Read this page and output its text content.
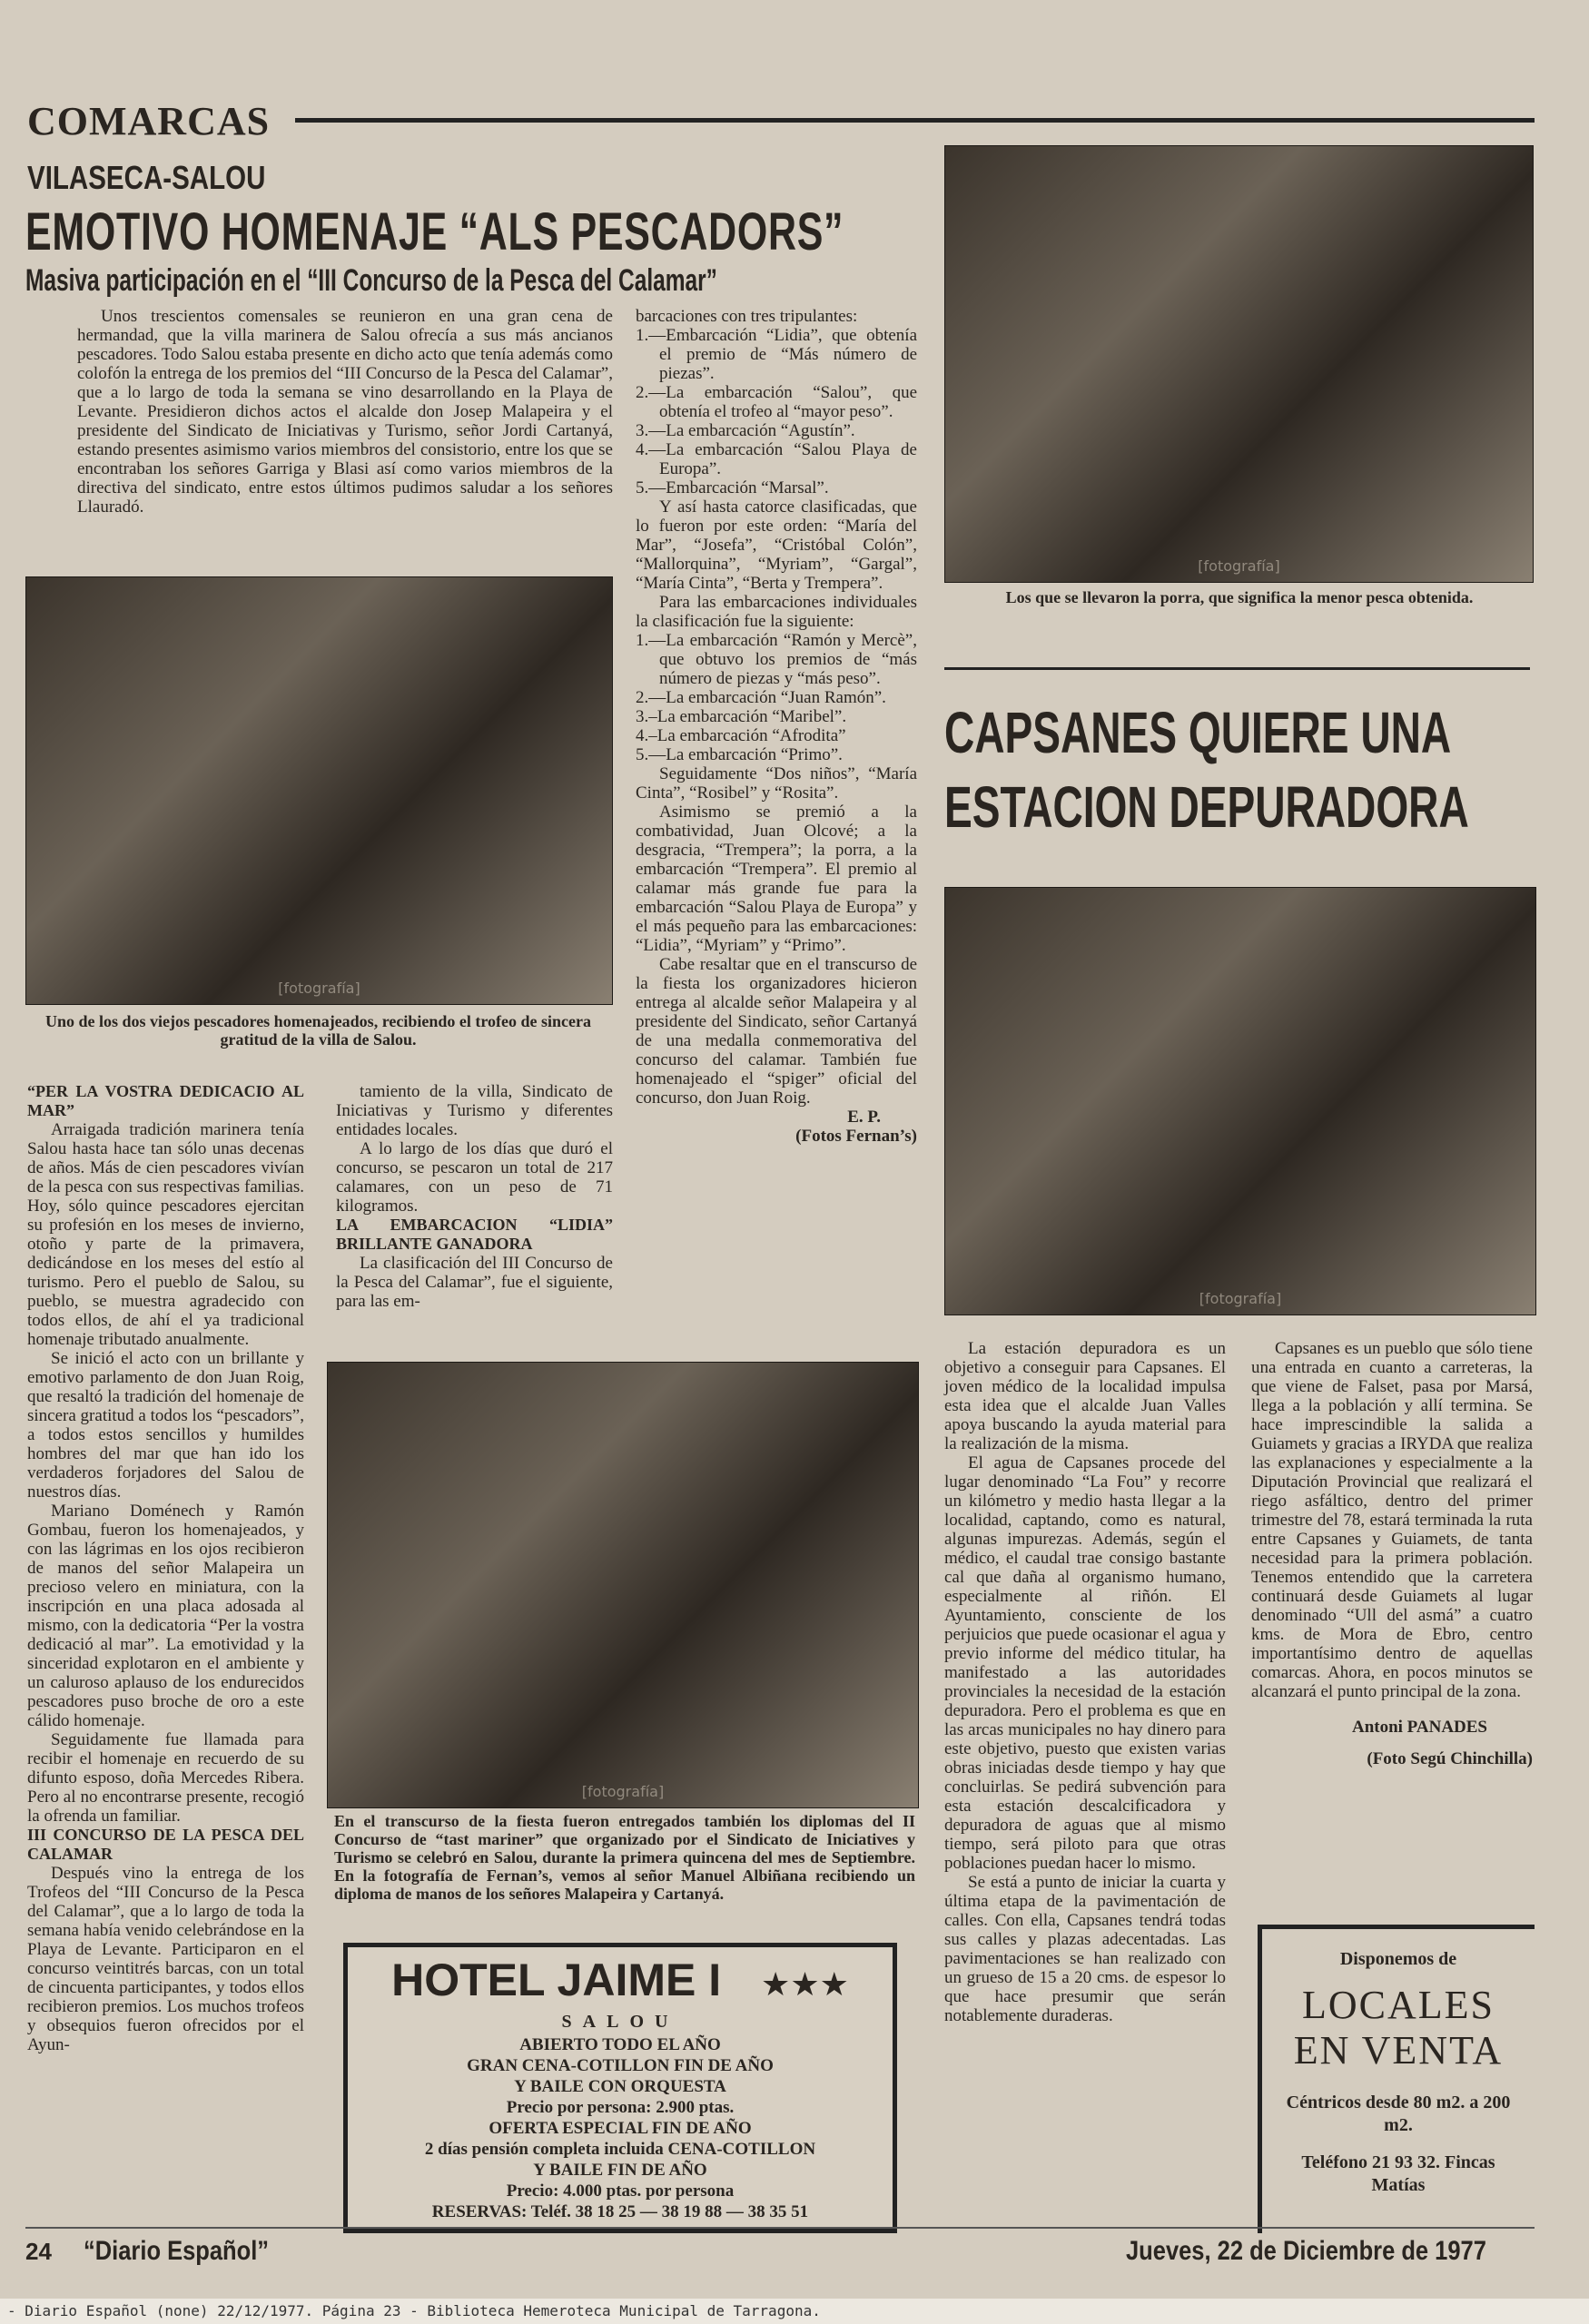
COMARCAS
VILASECA-SALOU
EMOTIVO HOMENAJE “ALS PESCADORS”
Masiva participación en el “III Concurso de la Pesca del Calamar”

Unos trescientos comensales se reunieron en una gran cena de hermandad, que la villa marinera de Salou ofrecía a sus más ancianos pescadores. Todo Salou estaba presente en dicho acto que tenía además como colofón la entrega de los premios del “III Concurso de la Pesca del Calamar”, que a lo largo de toda la semana se vino desarrollando en la Playa de Levante. Presidieron dichos actos el alcalde don Josep Malapeira y el presidente del Sindicato de Iniciativas y Turismo, señor Jordi Cartanyá, estando presentes asimismo varios miembros del consistorio, entre los que se encontraban los señores Garriga y Blasi así como varios miembros de la directiva del sindicato, entre estos últimos pudimos saludar a los señores Llauradó.

[fotografía]
Uno de los dos viejos pescadores homenajeados, recibiendo el trofeo de sincera gratitud de la villa de Salou.

“PER LA VOSTRA DEDICACIO AL MAR”

Arraigada tradición marinera tenía Salou hasta hace tan sólo unas decenas de años. Más de cien pescadores vivían de la pesca con sus respectivas familias. Hoy, sólo quince pescadores ejercitan su profesión en los meses de invierno, otoño y parte de la primavera, dedicándose en los meses del estío al turismo. Pero el pueblo de Salou, su pueblo, se muestra agradecido con todos ellos, de ahí el ya tradicional homenaje tributado anualmente.

Se inició el acto con un brillante y emotivo parlamento de don Juan Roig, que resaltó la tradición del homenaje de sincera gratitud a todos los “pescadors”, a todos estos sencillos y humildes hombres del mar que han ido los verdaderos forjadores del Salou de nuestros días.

Mariano Doménech y Ramón Gombau, fueron los homenajeados, y con las lágrimas en los ojos recibieron de manos del señor Malapeira un precioso velero en miniatura, con la inscripción en una placa adosada al mismo, con la dedicatoria “Per la vostra dedicació al mar”. La emotividad y la sinceridad explotaron en el ambiente y un caluroso aplauso de los endurecidos pescadores puso broche de oro a este cálido homenaje.

Seguidamente fue llamada para recibir el homenaje en recuerdo de su difunto esposo, doña Mercedes Ribera. Pero al no encontrarse presente, recogió la ofrenda un familiar.

III CONCURSO DE LA PESCA DEL CALAMAR

Después vino la entrega de los Trofeos del “III Concurso de la Pesca del Calamar”, que a lo largo de toda la semana había venido celebrándose en la Playa de Levante. Participaron en el concurso veintitrés barcas, con un total de cincuenta participantes, y todos ellos recibieron premios. Los muchos trofeos y obsequios fueron ofrecidos por el Ayun-

tamiento de la villa, Sindicato de Iniciativas y Turismo y diferentes entidades locales.

A lo largo de los días que duró el concurso, se pescaron un total de 217 calamares, con un peso de 71 kilogramos.

LA EMBARCACION “LIDIA” BRILLANTE GANADORA

La clasificación del III Concurso de la Pesca del Calamar”, fue el siguiente, para las em-

barcaciones con tres tripulantes:

1.—Embarcación “Lidia”, que obtenía el premio de “Más número de piezas”.

2.—La embarcación “Salou”, que obtenía el trofeo al “mayor peso”.

3.—La embarcación “Agustín”.

4.—La embarcación “Salou Playa de Europa”.

5.—Embarcación “Marsal”.

Y así hasta catorce clasificadas, que lo fueron por este orden: “María del Mar”, “Josefa”, “Cristóbal Colón”, “Mallorquina”, “Myriam”, “Gargal”, “María Cinta”, “Berta y Trempera”.

Para las embarcaciones individuales la clasificación fue la siguiente:

1.—La embarcación “Ramón y Mercè”, que obtuvo los premios de “más número de piezas y “más peso”.

2.—La embarcación “Juan Ramón”.

3.–La embarcación “Maribel”.

4.–La embarcación “Afrodita”

5.—La embarcación “Primo”.

Seguidamente “Dos niños”, “María Cinta”, “Rosibel” y “Rosita”.

Asimismo se premió a la combatividad, Juan Olcové; a la desgracia, “Trempera”; la porra, a la embarcación “Trempera”. El premio al calamar más grande fue para la embarcación “Salou Playa de Europa” y el más pequeño para las embarcaciones: “Lidia”, “Myriam” y “Primo”.

Cabe resaltar que en el transcurso de la fiesta los organizadores hicieron entrega al alcalde señor Malapeira y al presidente del Sindicato, señor Cartanyá de una medalla conmemorativa del concurso del calamar. También fue homenajeado el “spiger” oficial del concurso, don Juan Roig.

E. P.

(Fotos Fernan’s)

[fotografía]
En el transcurso de la fiesta fueron entregados también los diplomas del II Concurso de “tast mariner” que organizado por el Sindicato de Iniciatives y Turismo se celebró en Salou, durante la primera quincena del mes de Septiembre. En la fotografía de Fernan’s, vemos al señor Manuel Albiñana recibiendo un diploma de manos de los señores Malapeira y Cartanyá.
HOTEL JAIME I ★★★
SALOU
ABIERTO TODO EL AÑO
GRAN CENA-COTILLON FIN DE AÑO
Y BAILE CON ORQUESTA
Precio por persona: 2.900 ptas.
OFERTA ESPECIAL FIN DE AÑO
2 días pensión completa incluida CENA-COTILLON
Y BAILE FIN DE AÑO
Precio: 4.000 ptas. por persona
RESERVAS: Teléf. 38 18 25 — 38 19 88 — 38 35 51
[fotografía]
Los que se llevaron la porra, que significa la menor pesca obtenida.
CAPSANES QUIERE UNA
ESTACION DEPURADORA
[fotografía]

La estación depuradora es un objetivo a conseguir para Capsanes. El joven médico de la localidad impulsa esta idea que el alcalde Juan Valles apoya buscando la ayuda material para la realización de la misma.

El agua de Capsanes procede del lugar denominado “La Fou” y recorre un kilómetro y medio hasta llegar a la localidad, captando, como es natural, algunas impurezas. Además, según el médico, el caudal trae consigo bastante cal que daña al organismo humano, especialmente al riñón. El Ayuntamiento, consciente de los perjuicios que puede ocasionar el agua y previo informe del médico titular, ha manifestado a las autoridades provinciales la necesidad de la estación depuradora. Pero el problema es que en las arcas municipales no hay dinero para este objetivo, puesto que existen varias obras iniciadas desde tiempo y hay que concluirlas. Se pedirá subvención para esta estación descalcificadora y depuradora de aguas que al mismo tiempo, será piloto para que otras poblaciones puedan hacer lo mismo.

Se está a punto de iniciar la cuarta y última etapa de la pavimentación de calles. Con ella, Capsanes tendrá todas sus calles y plazas adecentadas. Las pavimentaciones se han realizado con un grueso de 15 a 20 cms. de espesor lo que hace presumir que serán notablemente duraderas.

Capsanes es un pueblo que sólo tiene una entrada en cuanto a carreteras, la que viene de Falset, pasa por Marsá, llega a la población y allí termina. Se hace imprescindible la salida a Guiamets y gracias a IRYDA que realiza las explanaciones y especialmente a la Diputación Provincial que realizará el riego asfáltico, dentro del primer trimestre del 78, estará terminada la ruta entre Capsanes y Guiamets, de tanta necesidad para la primera población. Tenemos entendido que la carretera continuará desde Guiamets al lugar denominado “Ull del asmá” a cuatro kms. de Mora de Ebro, centro importantísimo dentro de aquellas comarcas. Ahora, en pocos minutos se alcanzará el punto principal de la zona.

Antoni PANADES

(Foto Segú Chinchilla)

Disponemos de
LOCALES
EN VENTA
Céntricos desde 80 m2. a 200 m2.
Teléfono 21 93 32. Fincas Matías
24 “Diario Español”	Jueves, 22 de Diciembre de 1977
- Diario Español (none) 22/12/1977. Página 23 - Biblioteca Hemeroteca Municipal de Tarragona.
